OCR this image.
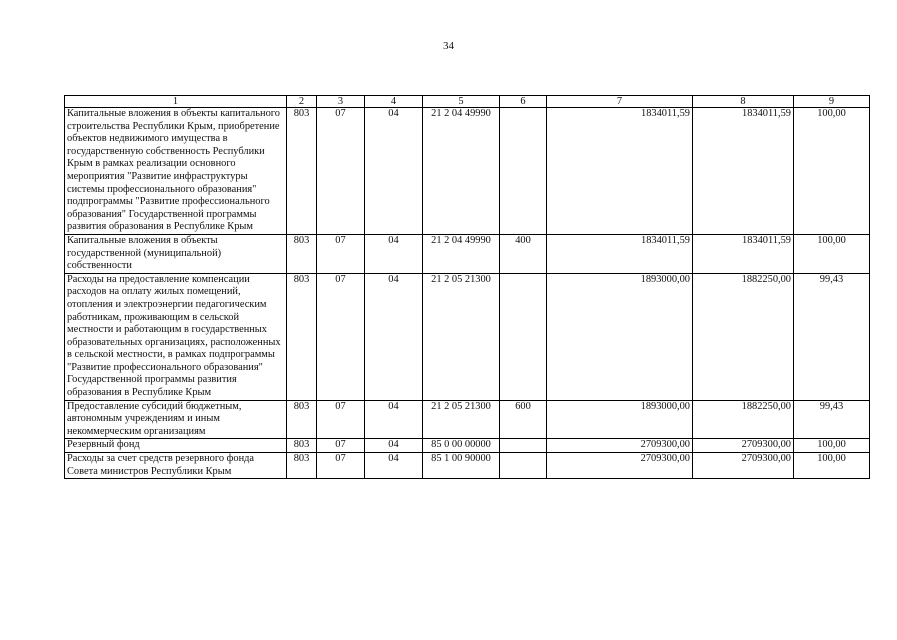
34
1	2	3	4	5	6	7	8	9
Капитальные вложения в объекты капитального строительства Республики Крым, приобретение объектов недвижимого имущества в государственную собственность Республики Крым в рамках реализации основного мероприятия "Развитие инфраструктуры системы профессионального образования" подпрограммы "Развитие профессионального образования" Государственной программы развития образования в Республике Крым	803	07	04	21 2 04 49990		1834011,59	1834011,59	100,00
Капитальные вложения в объекты государственной (муниципальной) собственности	803	07	04	21 2 04 49990	400	1834011,59	1834011,59	100,00
Расходы на предоставление компенсации расходов на оплату жилых помещений, отопления и электроэнергии педагогическим работникам, проживающим в сельской местности и работающим в государственных образовательных организациях, расположенных в сельской местности, в рамках подпрограммы "Развитие профессионального образования" Государственной программы развития образования в Республике Крым	803	07	04	21 2 05 21300		1893000,00	1882250,00	99,43
Предоставление субсидий бюджетным, автономным учреждениям и иным некоммерческим организациям	803	07	04	21 2 05 21300	600	1893000,00	1882250,00	99,43
Резервный фонд	803	07	04	85 0 00 00000		2709300,00	2709300,00	100,00
Расходы за счет средств резервного фонда Совета министров Республики Крым	803	07	04	85 1 00 90000		2709300,00	2709300,00	100,00
